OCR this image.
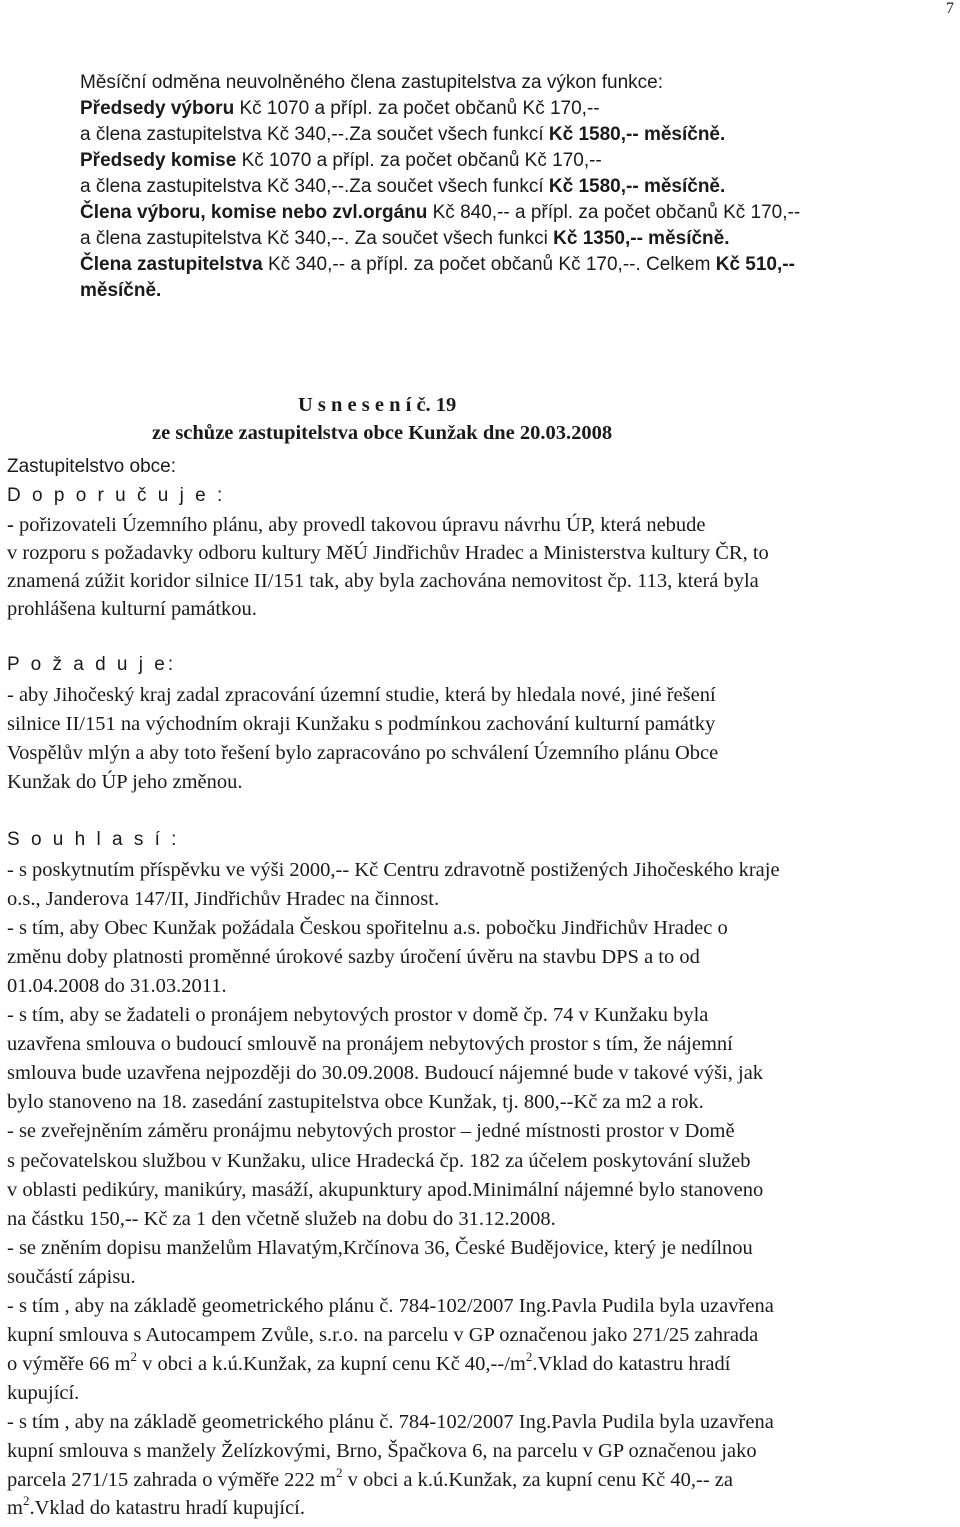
7

Měsíční odměna neuvolněného člena zastupitelstva za výkon funkce:

Předsedy výboru Kč 1070 a přípl. za počet občanů Kč 170,--

a člena zastupitelstva Kč 340,--.Za součet všech funkcí Kč 1580,-- měsíčně.

Předsedy komise Kč 1070 a přípl. za počet občanů Kč 170,--

a člena zastupitelstva Kč 340,--.Za součet všech funkcí Kč 1580,-- měsíčně.

Člena výboru, komise nebo zvl.orgánu Kč 840,-- a přípl. za počet občanů Kč 170,--

a člena zastupitelstva Kč 340,--. Za součet všech funkci Kč 1350,-- měsíčně.

Člena zastupitelstva Kč 340,-- a přípl. za počet občanů Kč 170,--. Celkem Kč 510,--

měsíčně.

U s n e s e n í č. 19

ze schůze zastupitelstva obce Kunžak dne 20.03.2008

Zastupitelstvo obce:

D o p o r u č u j e :

- pořizovateli Územního plánu, aby provedl takovou úpravu návrhu ÚP, která nebude

v rozporu s požadavky odboru kultury MěÚ Jindřichův Hradec a Ministerstva kultury ČR, to

znamená zúžit koridor silnice II/151 tak, aby byla zachována nemovitost čp. 113, která byla

prohlášena kulturní památkou.

P o ž a d u j e:

- aby Jihočeský kraj zadal zpracování územní studie, která by hledala nové, jiné řešení

silnice II/151 na východním okraji Kunžaku s podmínkou zachování kulturní památky

Vospělův mlýn a aby toto řešení bylo zapracováno po schválení Územního plánu Obce

Kunžak do ÚP jeho změnou.

S o u h l a s í :

- s poskytnutím příspěvku ve výši 2000,-- Kč Centru zdravotně postižených Jihočeského kraje

o.s., Janderova 147/II, Jindřichův Hradec na činnost.

- s tím, aby Obec Kunžak požádala Českou spořitelnu a.s. pobočku Jindřichův Hradec o

změnu doby platnosti proměnné úrokové sazby úročení úvěru na stavbu DPS a to od

01.04.2008 do 31.03.2011.

- s tím, aby se žadateli o pronájem nebytových prostor v domě čp. 74 v Kunžaku byla

uzavřena smlouva o budoucí smlouvě na pronájem nebytových prostor s tím, že nájemní

smlouva bude uzavřena nejpozději do 30.09.2008. Budoucí nájemné bude v takové výši, jak

bylo stanoveno na 18. zasedání zastupitelstva obce Kunžak, tj. 800,--Kč za m2 a rok.

- se zveřejněním záměru pronájmu nebytových prostor – jedné místnosti prostor v Domě

s pečovatelskou službou v Kunžaku, ulice Hradecká čp. 182 za účelem poskytování služeb

v oblasti pedikúry, manikúry, masáží, akupunktury apod.Minimální nájemné bylo stanoveno

na částku 150,-- Kč za 1 den včetně služeb na dobu do 31.12.2008.

- se zněním dopisu manželům Hlavatým,Krčínova 36, České Budějovice, který je nedílnou

součástí zápisu.

- s tím , aby na základě geometrického plánu č. 784-102/2007 Ing.Pavla Pudila byla uzavřena

kupní smlouva s Autocampem Zvůle, s.r.o. na parcelu v GP označenou jako 271/25 zahrada

o výměře 66 $m^2$ v obci a k.ú.Kunžak, za kupní cenu Kč $40,--/m^2.Vklad$ do katastru hradí

kupující.

- s tím , aby na základě geometrického plánu č. 784-102/2007 Ing.Pavla Pudila byla uzavřena

kupní smlouva s manžely Želízkovými, Brno, Špačkova 6, na parcelu v GP označenou jako

parcela 271/15 zahrada o výměře 222 $m^2$ v obci a k.ú.Kunžak, za kupní cenu Kč 40,-- za

$m^2.Vklad$ do katastru hradí kupující.
